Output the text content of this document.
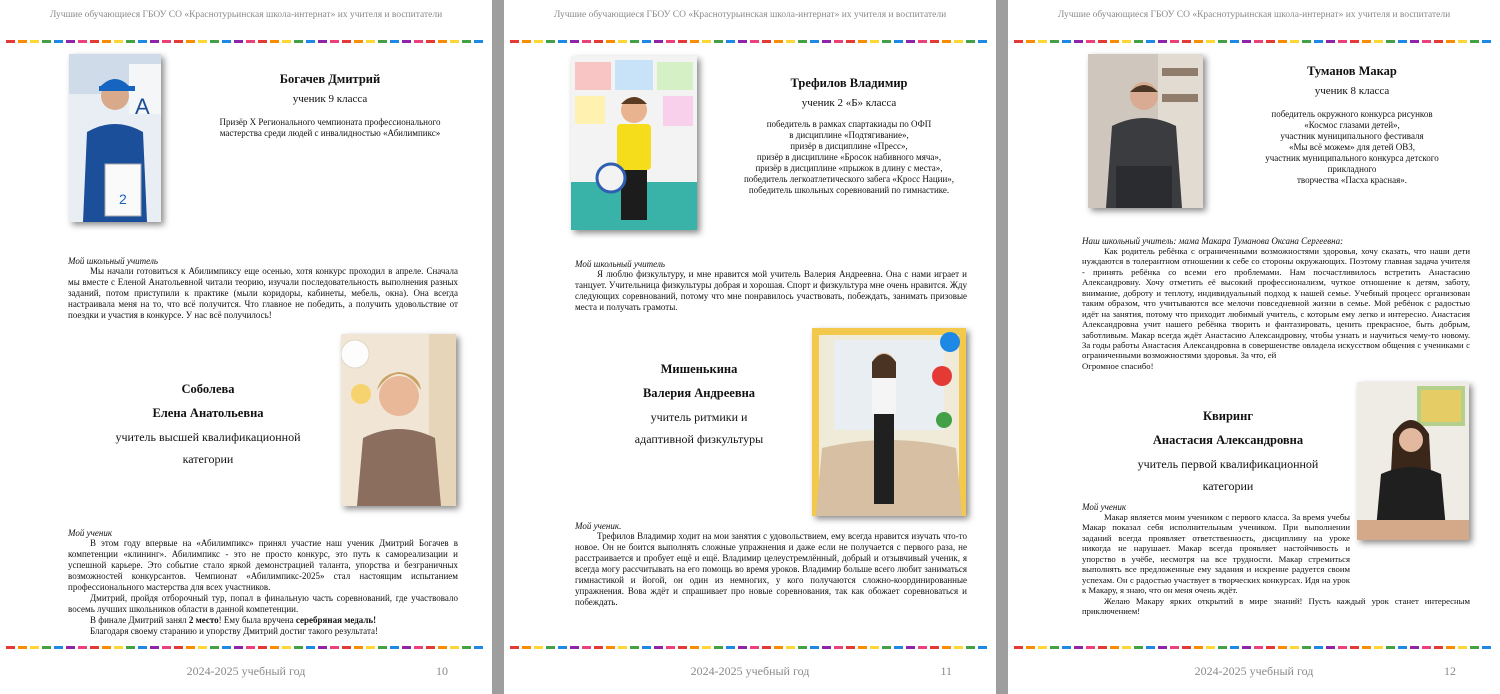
Лучшие обучающиеся ГБОУ СО «Краснотурьинская школа-интернат» их учителя и воспитатели
A
2
Богачев Дмитрий
ученик 9 класса
Призёр X Регионального чемпионата профессионального мастерства среди людей с инвалидностью «Абилимпикс»
Мой школьный учитель

Мы начали готовиться к Абилимпиксу еще осенью, хотя конкурс проходил в апреле. Сначала мы вместе с Еленой Анатольевной читали теорию, изучали последовательность выполнения разных заданий, потом приступили к практике (мыли коридоры, кабинеты, мебель, окна). Она всегда настраивала меня на то, что всё получится. Что главное не победить, а получить удовольствие от поездки и участия в конкурсе. У нас всё получилось!

Соболева
Елена Анатольевна
учитель высшей квалификационной
категории
Мой ученик

В этом году впервые на «Абилимпикс» принял участие наш ученик Дмитрий Богачев в компетенции «клининг». Абилимпикс - это не просто конкурс, это путь к самореализации и успешной карьере. Это событие стало яркой демонстрацией таланта, упорства и безграничных возможностей конкурсантов. Чемпионат «Абилимпикс-2025» стал настоящим испытанием профессионального мастерства для всех участников.

Дмитрий, пройдя отборочный тур, попал в финальную часть соревнований, где участвовало восемь лучших школьников области в данной компетенции.

В финале Дмитрий занял 2 место! Ему была вручена серебряная медаль!

Благодаря своему старанию и упорству Дмитрий достиг такого результата!

2024-2025 учебный год	10
Лучшие обучающиеся ГБОУ СО «Краснотурьинская школа-интернат» их учителя и воспитатели
Трефилов Владимир
ученик 2 «Б» класса
победитель в рамках спартакиады по ОФП
в дисциплине «Подтягивание»,
призёр в дисциплине «Пресс»,
призёр в дисциплине «Бросок набивного мяча»,
призёр в дисциплине «прыжок в длину с места»,
победитель легкоатлетического забега «Кросс Нации»,
победитель школьных соревнований по гимнастике.
Мой школьный учитель

Я люблю физкультуру, и мне нравится мой учитель Валерия Андреевна. Она с нами играет и танцует. Учительница физкультуры добрая и хорошая. Спорт и физкультура мне очень нравится. Жду следующих соревнований, потому что мне понравилось участвовать, побеждать, занимать призовые места и получать грамоты.

Мишенькина
Валерия Андреевна
учитель ритмики и
адаптивной физкультуры
Мой ученик.

Трефилов Владимир ходит на мои занятия с удовольствием, ему всегда нравится изучать что-то новое. Он не боится выполнять сложные упражнения и даже если не получается с первого раза, не расстраивается и пробует ещё и ещё. Владимир целеустремлённый, добрый и отзывчивый ученик, я всегда могу рассчитывать на его помощь во время уроков. Владимир больше всего любит заниматься гимнастикой и йогой, он один из немногих, у кого получаются сложно-координированные упражнения. Вова ждёт и спрашивает про новые соревнования, так как обожает соревноваться и побеждать.

2024-2025 учебный год	11
Лучшие обучающиеся ГБОУ СО «Краснотурьинская школа-интернат» их учителя и воспитатели
Туманов Макар
ученик 8 класса
победитель окружного конкурса рисунков
«Космос глазами детей»,
участник муниципального фестиваля
«Мы всё можем» для детей ОВЗ,
участник муниципального конкурса детского
прикладного
творчества «Пасха красная».
Наш школьный учитель: мама Макара Туманова Оксана Сергеевна:

Как родитель ребёнка с ограниченными возможностями здоровья, хочу сказать, что наши дети нуждаются в толерантном отношении к себе со стороны окружающих. Поэтому главная задача учителя - принять ребёнка со всеми его проблемами. Нам посчастливилось встретить Анастасию Александровну. Хочу отметить её высокий профессионализм, чуткое отношение к детям, заботу, внимание, доброту и теплоту, индивидуальный подход к нашей семье. Учебный процесс организован таким образом, что учитываются все мелочи повседневной жизни в семье. Мой ребёнок с радостью идёт на занятия, потому что приходит любимый учитель, с которым ему легко и интересно. Анастасия Александровна учит нашего ребёнка творить и фантазировать, ценить прекрасное, быть добрым, заботливым. Макар всегда ждёт Анастасию Александровну, чтобы узнать и научиться чему-то новому. За годы работы Анастасия Александровна в совершенстве овладела искусством общения с учениками с ограниченными возможностями здоровья. За что, ей

Огромное спасибо!
Квиринг
Анастасия Александровна
учитель первой квалификационной
категории
Мой ученик

Макар является моим учеником с первого класса. За время учебы Макар показал себя исполнительным учеником. При выполнении заданий всегда проявляет ответственность, дисциплину на уроке никогда не нарушает. Макар всегда проявляет настойчивость и упорство в учёбе, несмотря на все трудности. Макар стремиться выполнять все предложенные ему задания и искренне радуется своим успехам. Он с радостью участвует в творческих конкурсах. Идя на урок к Макару, я знаю, что он меня очень ждёт.

Желаю Макару ярких открытий в мире знаний! Пусть каждый урок станет интересным приключением!

2024-2025 учебный год	12
